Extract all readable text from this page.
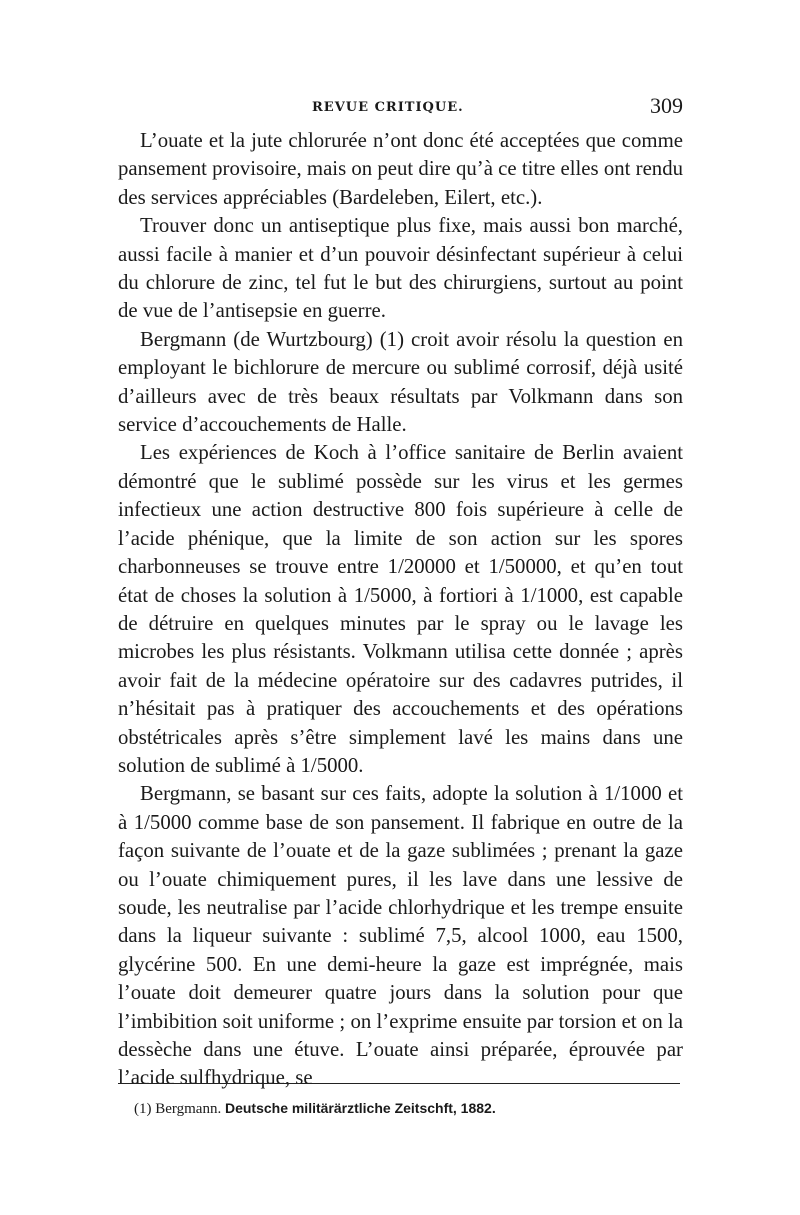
REVUE CRITIQUE.	309

L’ouate et la jute chlorurée n’ont donc été acceptées que comme pansement provisoire, mais on peut dire qu’à ce titre elles ont rendu des services appréciables (Bardeleben, Eilert, etc.).

Trouver donc un antiseptique plus fixe, mais aussi bon marché, aussi facile à manier et d’un pouvoir désinfectant supérieur à celui du chlorure de zinc, tel fut le but des chirurgiens, surtout au point de vue de l’antisepsie en guerre.

Bergmann (de Wurtzbourg) (1) croit avoir résolu la question en employant le bichlorure de mercure ou sublimé corrosif, déjà usité d’ailleurs avec de très beaux résultats par Volkmann dans son service d’accouchements de Halle.

Les expériences de Koch à l’office sanitaire de Berlin avaient démontré que le sublimé possède sur les virus et les germes infectieux une action destructive 800 fois supérieure à celle de l’acide phénique, que la limite de son action sur les spores charbonneuses se trouve entre 1/20000 et 1/50000, et qu’en tout état de choses la solution à 1/5000, à fortiori à 1/1000, est capable de détruire en quelques minutes par le spray ou le lavage les microbes les plus résistants. Volkmann utilisa cette donnée ; après avoir fait de la médecine opératoire sur des cadavres putrides, il n’hésitait pas à pratiquer des accouchements et des opérations obstétricales après s’être simplement lavé les mains dans une solution de sublimé à 1/5000.

Bergmann, se basant sur ces faits, adopte la solution à 1/1000 et à 1/5000 comme base de son pansement. Il fabrique en outre de la façon suivante de l’ouate et de la gaze sublimées ; prenant la gaze ou l’ouate chimiquement pures, il les lave dans une lessive de soude, les neutralise par l’acide chlorhydrique et les trempe ensuite dans la liqueur suivante : sublimé 7,5, alcool 1000, eau 1500, glycérine 500. En une demi-heure la gaze est imprégnée, mais l’ouate doit demeurer quatre jours dans la solution pour que l’imbibition soit uniforme ; on l’exprime ensuite par torsion et on la dessèche dans une étuve. L’ouate ainsi préparée, éprouvée par l’acide sulfhydrique, se

(1) Bergmann. Deutsche militärärztliche Zeitschft, 1882.
